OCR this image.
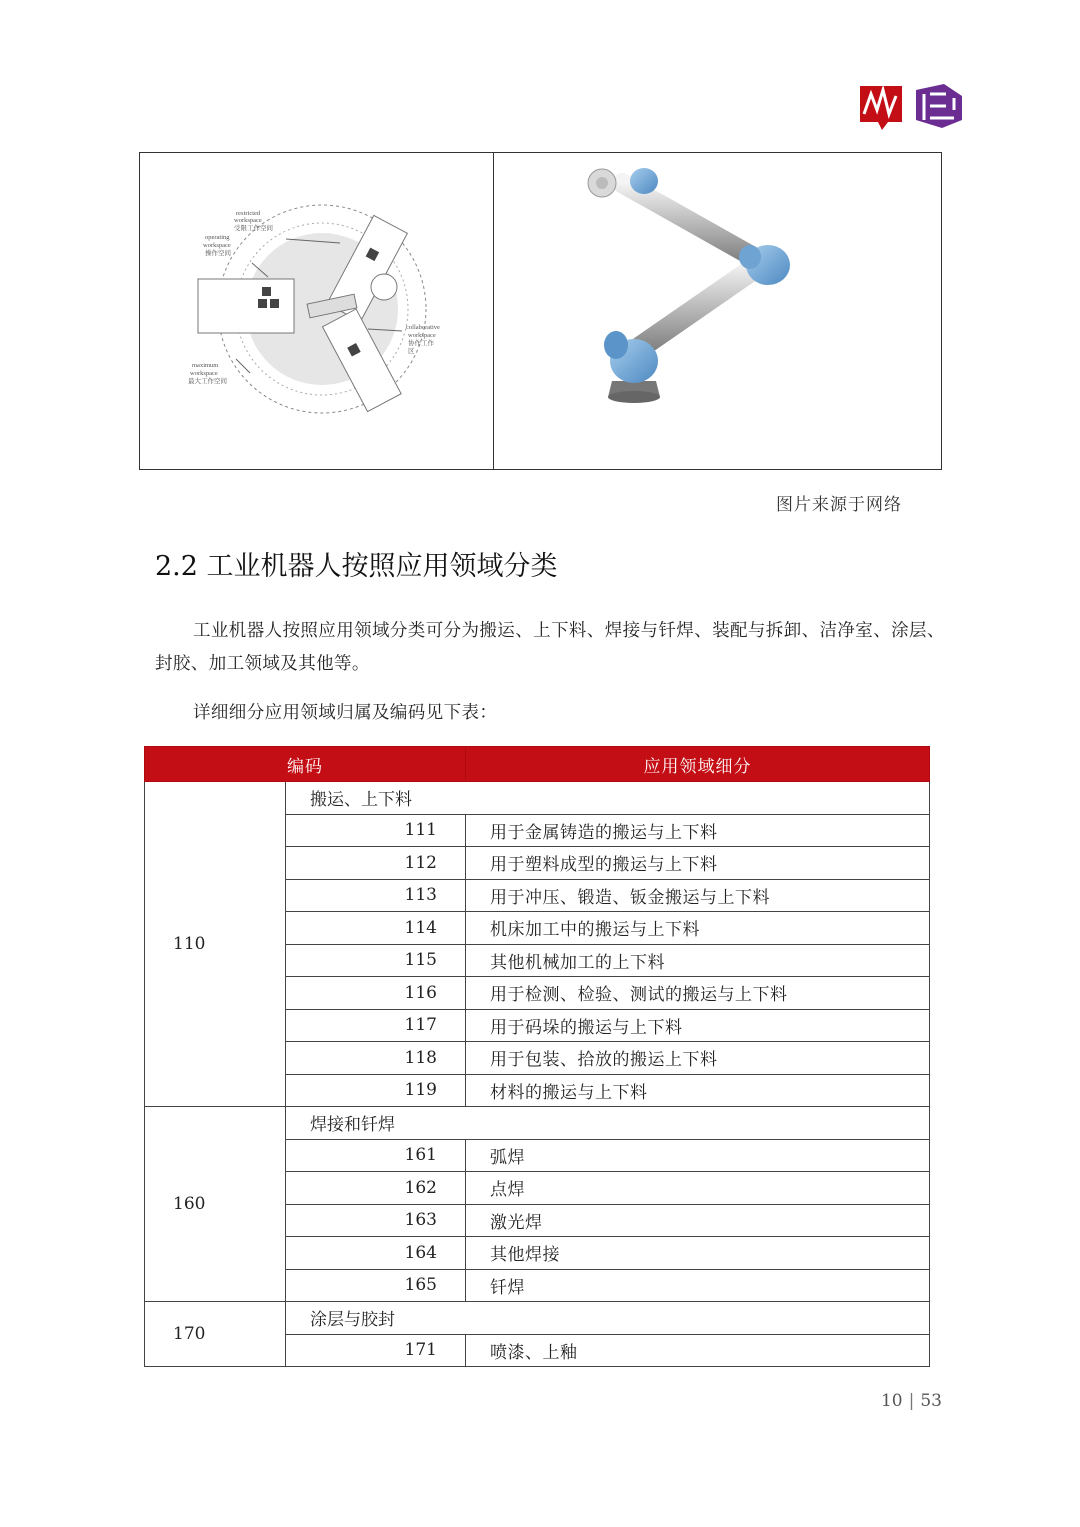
restricted
workspace
受限工作空间
operating
workspace
操作空间
collaborative
workspace
协作工作
区
maximum
workspace
最大工作空间
图片来源于网络
2.2 工业机器人按照应用领域分类

工业机器人按照应用领域分类可分为搬运、上下料、焊接与钎焊、装配与拆卸、洁净室、涂层、封胶、加工领域及其他等。

详细细分应用领域归属及编码见下表：

编码		应用领域细分
110	搬运、上下料	
	111	用于金属铸造的搬运与上下料
	112	用于塑料成型的搬运与上下料
	113	用于冲压、锻造、钣金搬运与上下料
	114	机床加工中的搬运与上下料
	115	其他机械加工的上下料
	116	用于检测、检验、测试的搬运与上下料
	117	用于码垛的搬运与上下料
	118	用于包装、拾放的搬运上下料
	119	材料的搬运与上下料
160	焊接和钎焊	
	161	弧焊
	162	点焊
	163	激光焊
	164	其他焊接
	165	钎焊
170	涂层与胶封	
	171	喷漆、上釉
10 | 53
